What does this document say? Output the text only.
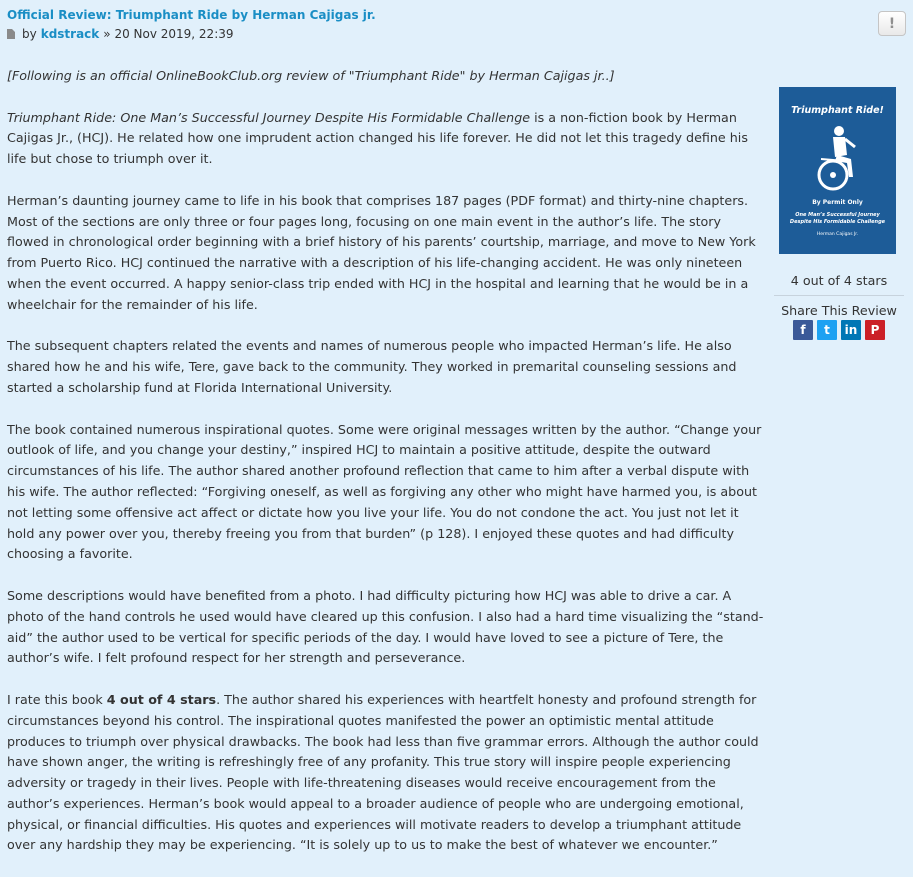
Official Review: Triumphant Ride by Herman Cajigas jr.
by kdstrack » 20 Nov 2019, 22:39
!

[Following is an official OnlineBookClub.org review of "Triumphant Ride" by Herman Cajigas jr..]

Triumphant Ride: One Man’s Successful Journey Despite His Formidable Challenge is a non-fiction book by Herman Cajigas Jr., (HCJ). He related how one imprudent action changed his life forever. He did not let this tragedy define his life but chose to triumph over it.

Herman’s daunting journey came to life in his book that comprises 187 pages (PDF format) and thirty-nine chapters. Most of the sections are only three or four pages long, focusing on one main event in the author’s life. The story flowed in chronological order beginning with a brief history of his parents’ courtship, marriage, and move to New York from Puerto Rico. HCJ continued the narrative with a description of his life-changing accident. He was only nineteen when the event occurred. A happy senior-class trip ended with HCJ in the hospital and learning that he would be in a wheelchair for the remainder of his life.

The subsequent chapters related the events and names of numerous people who impacted Herman’s life. He also shared how he and his wife, Tere, gave back to the community. They worked in premarital counseling sessions and started a scholarship fund at Florida International University.

The book contained numerous inspirational quotes. Some were original messages written by the author. “Change your outlook of life, and you change your destiny,” inspired HCJ to maintain a positive attitude, despite the outward circumstances of his life. The author shared another profound reflection that came to him after a verbal dispute with his wife. The author reflected: “Forgiving oneself, as well as forgiving any other who might have harmed you, is about not letting some offensive act affect or dictate how you live your life. You do not condone the act. You just not let it hold any power over you, thereby freeing you from that burden” (p 128). I enjoyed these quotes and had difficulty choosing a favorite.

Some descriptions would have benefited from a photo. I had difficulty picturing how HCJ was able to drive a car. A photo of the hand controls he used would have cleared up this confusion. I also had a hard time visualizing the “stand-aid” the author used to be vertical for specific periods of the day. I would have loved to see a picture of Tere, the author’s wife. I felt profound respect for her strength and perseverance.

I rate this book 4 out of 4 stars. The author shared his experiences with heartfelt honesty and profound strength for circumstances beyond his control. The inspirational quotes manifested the power an optimistic mental attitude produces to triumph over physical drawbacks. The book had less than five grammar errors. Although the author could have shown anger, the writing is refreshingly free of any profanity. This true story will inspire people experiencing adversity or tragedy in their lives. People with life-threatening diseases would receive encouragement from the author’s experiences. Herman’s book would appeal to a broader audience of people who are undergoing emotional, physical, or financial difficulties. His quotes and experiences will motivate readers to develop a triumphant attitude over any hardship they may be experiencing. “It is solely up to us to make the best of whatever we encounter.”

Triumphant Ride!
By Permit Only
One Man’s Successful Journey Despite His Formidable Challenge
Herman Cajigas Jr.
4 out of 4 stars
Share This Review
f	t	in	P
